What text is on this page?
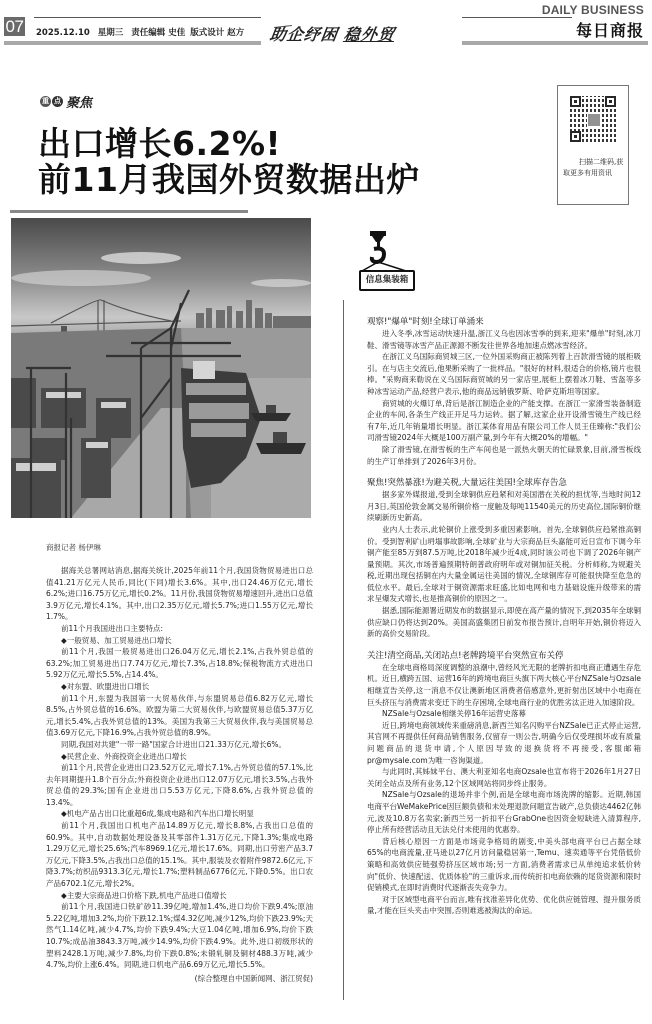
07 2025.12.10 星期三 责任编辑 史佳 版式设计 赵方	助企纾困 稳外贸
DAILY BUSINESS
每日商报
重 点 聚焦
出口增长6.2%!
前11月我国外贸数据出炉	扫描二维码,获取更多有用资讯
商报记者 杨伊琳

据海关总署网站消息,据海关统计,2025年前11个月,我国货物贸易进出口总值41.21万亿元人民币,同比(下同)增长3.6%。其中,出口24.46万亿元,增长6.2%;进口16.75万亿元,增长0.2%。11月份,我国货物贸易增速回升,进出口总值3.9万亿元,增长4.1%。其中,出口2.35万亿元,增长5.7%;进口1.55万亿元,增长1.7%。

前11个月我国进出口主要特点:

◆一般贸易、加工贸易进出口增长

前11个月,我国一般贸易进出口26.04万亿元,增长2.1%,占我外贸总值的63.2%;加工贸易进出口7.74万亿元,增长7.3%,占18.8%;保税物流方式进出口5.92万亿元,增长5.5%,占14.4%。

◆对东盟、欧盟进出口增长

前11个月,东盟为我国第一大贸易伙伴,与东盟贸易总值6.82万亿元,增长8.5%,占外贸总值的16.6%。欧盟为第二大贸易伙伴,与欧盟贸易总值5.37万亿元,增长5.4%,占我外贸总值的13%。美国为我第三大贸易伙伴,我与美国贸易总值3.69万亿元,下降16.9%,占我外贸总值的8.9%。

同期,我国对共建"一带一路"国家合计进出口21.33万亿元,增长6%。

◆民营企业、外商投资企业进出口增长

前11个月,民营企业进出口23.52万亿元,增长7.1%,占外贸总值的57.1%,比去年同期提升1.8个百分点;外商投资企业进出口12.07万亿元,增长3.5%,占我外贸总值的29.3%;国有企业进出口5.53万亿元,下降8.6%,占我外贸总值的13.4%。

◆机电产品占出口比重超6成,集成电路和汽车出口增长明显

前11个月,我国出口机电产品14.89万亿元,增长8.8%,占我出口总值的60.9%。其中,自动数据处理设备及其零部件1.31万亿元,下降1.3%;集成电路1.29万亿元,增长25.6%;汽车8969.1亿元,增长17.6%。同期,出口劳密产品3.7万亿元,下降3.5%,占我出口总值的15.1%。其中,服装及衣着附件9872.6亿元,下降3.7%;纺织品9313.3亿元,增长1.7%;塑料制品6776亿元,下降0.5%。出口农产品6702.1亿元,增长2%。

◆主要大宗商品进口价格下跌,机电产品进口值增长

前11个月,我国进口铁矿砂11.39亿吨,增加1.4%,进口均价下跌9.4%;原油5.22亿吨,增加3.2%,均价下跌12.1%;煤4.32亿吨,减少12%,均价下跌23.9%;天然气1.14亿吨,减少4.7%,均价下跌9.4%;大豆1.04亿吨,增加6.9%,均价下跌10.7%;成品油3843.3万吨,减少14.9%,均价下跌4.9%。此外,进口初级形状的塑料2428.1万吨,减少7.8%,均价下跌0.8%;未锻轧铜及铜材488.3万吨,减少4.7%,均价上涨6.4%。同期,进口机电产品6.69万亿元,增长5.5%。

(综合整理自中国新闻网、浙江贸促)

信息集装箱
观察!"爆单"时刻!全球订单涌来

进入冬季,冰雪运动快速升温,浙江义乌也因冰雪季的到来,迎来"爆单"时刻,冰刀鞋、滑雪镜等冰雪产品正源源不断发往世界各地加速点燃冰雪经济。

在浙江义乌国际商贸城三区,一位外国采购商正被陈列着上百款滑雪镜的展柜吸引。在与店主交流后,他果断采购了一批样品。"很好的材料,很适合的价格,镜片也很棒。"采购商来勒说在义乌国际商贸城的另一家店里,展柜上摆着冰刀鞋、雪盔等多种冰雪运动产品,经营户表示,他的商品远销俄罗斯、哈萨克斯坦等国家。

商贸城的火爆订单,背后是浙江制造企业的产能支撑。在浙江一家滑雪装备制造企业的车间,各条生产线正开足马力运转。据了解,这家企业开设滑雪镜生产线已经有7年,近几年销量增长明显。浙江某体育用品有限公司工作人员王佳臻称:"我们公司滑雪镜2024年大概是100万副产量,到今年有大概20%的增幅。"

除了滑雪镜,在滑雪板的生产车间也是一派热火朝天的忙碌景象,目前,滑雪板线的生产订单排到了2026年3月份。

聚焦!突然暴涨!为避关税,大量运往美国!全球库存告急

据多家外媒报道,受到全球铜供应趋紧和对美国潜在关税的担忧等,当地时间12月3日,英国伦敦金属交易所铜价格一度触及每吨11540美元的历史高位,国际铜价继续刷新历史新高。

业内人士表示,此轮铜价上涨受到多重因素影响。首先,全球铜供应趋紧推高铜价。受到智利矿山坍塌事故影响,全球矿业与大宗商品巨头嘉能可近日宣布下调今年铜产能至85万到87.5万吨,比2018年减少近4成,同时该公司也下调了2026年铜产量预期。其次,市场普遍预期特朗普政府明年或对铜加征关税。分析师称,为规避关税,近期出现包括铜在内大量金属运往美国的情况,全球铜库存可能很快降至危急的低位水平。最后,全球对于铜资源需求旺盛,比如电网和电力基础设施升级带来的需求呈爆发式增长,也是推高铜价的原因之一。

据悉,国际能源署近期发布的数据显示,即使在高产量的情况下,到2035年全球铜供应缺口仍将达到20%。美国高盛集团日前发布报告预计,自明年开始,铜价将迈入新的高价交易阶段。

关注!清空商品,关闭站点!老牌跨境平台突然宣布关停

在全球电商格局深度调整的浪潮中,曾经风光无限的老牌折扣电商正遭遇生存危机。近日,横跨五国、运营16年的跨境电商巨头旗下两大核心平台NZSale与Ozsale相继宣告关停,这一消息不仅让澳新地区消费者倍感意外,更折射出区域中小电商在巨头挤压与消费需求变迁下的生存困境,全球电商行业的优胜劣汰正进入加速阶段。

NZSale与Ozsale相继关停16年运营史落幕

近日,跨境电商领域传来重磅消息,新西兰知名闪购平台NZSale已正式停止运营,其官网不再提供任何商品销售服务,仅留存一则公告,明确今后仅受理损坏或有质量问题商品的退货申请,个人原因导致的退换货将不再接受,客服邮箱pr@mysale.com为唯一咨询渠道。

与此同时,其姊妹平台、澳大利亚知名电商Ozsale也宣布将于2026年1月27日关闭全站点及所有业务,12个区域网站将同步终止服务。

NZSale与Ozsale的退场并非个例,而是全球电商市场洗牌的缩影。近期,韩国电商平台WeMakePrice因巨额负债和未处理退款问题宣告破产,总负债达4462亿韩元,波及10.8万名卖家;新西兰另一折扣平台GrabOne也因资金短缺进入清算程序,停止所有经营活动且无法兑付未使用的优惠券。

背后核心原因一方面是市场竞争格局的剧变,中美头部电商平台已占据全球65%的电商流量,亚马逊以27亿月访问量稳居第一,Temu、速卖通等平台凭借低价策略和高效供应链强势挤压区域市场;另一方面,消费者需求已从单纯追求低价转向"低价、快速配送、优质体验"的三重诉求,而传统折扣电商依赖的尾货资源和限时促销模式,在即时消费时代逐渐丧失竞争力。

对于区域型电商平台而言,唯有找准差异化优势、优化供应链管理、提升服务质量,才能在巨头夹击中突围,否则难逃被淘汰的命运。
